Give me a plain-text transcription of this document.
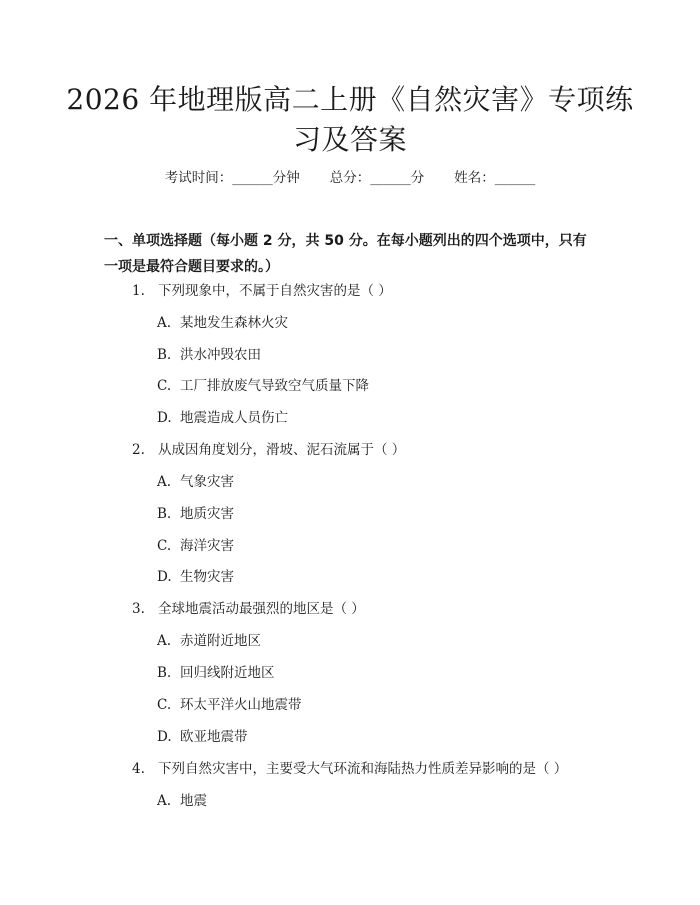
2026 年地理版高二上册《自然灾害》专项练习及答案
考试时间：______分钟 总分：______分 姓名：______
一、单项选择题（每小题 2 分，共 50 分。在每小题列出的四个选项中，只有一项是最符合题目要求的。）
1. 下列现象中，不属于自然灾害的是（ ）
A. 某地发生森林火灾
B. 洪水冲毁农田
C. 工厂排放废气导致空气质量下降
D. 地震造成人员伤亡
2. 从成因角度划分，滑坡、泥石流属于（ ）
A. 气象灾害
B. 地质灾害
C. 海洋灾害
D. 生物灾害
3. 全球地震活动最强烈的地区是（ ）
A. 赤道附近地区
B. 回归线附近地区
C. 环太平洋火山地震带
D. 欧亚地震带
4. 下列自然灾害中，主要受大气环流和海陆热力性质差异影响的是（ ）
A. 地震
